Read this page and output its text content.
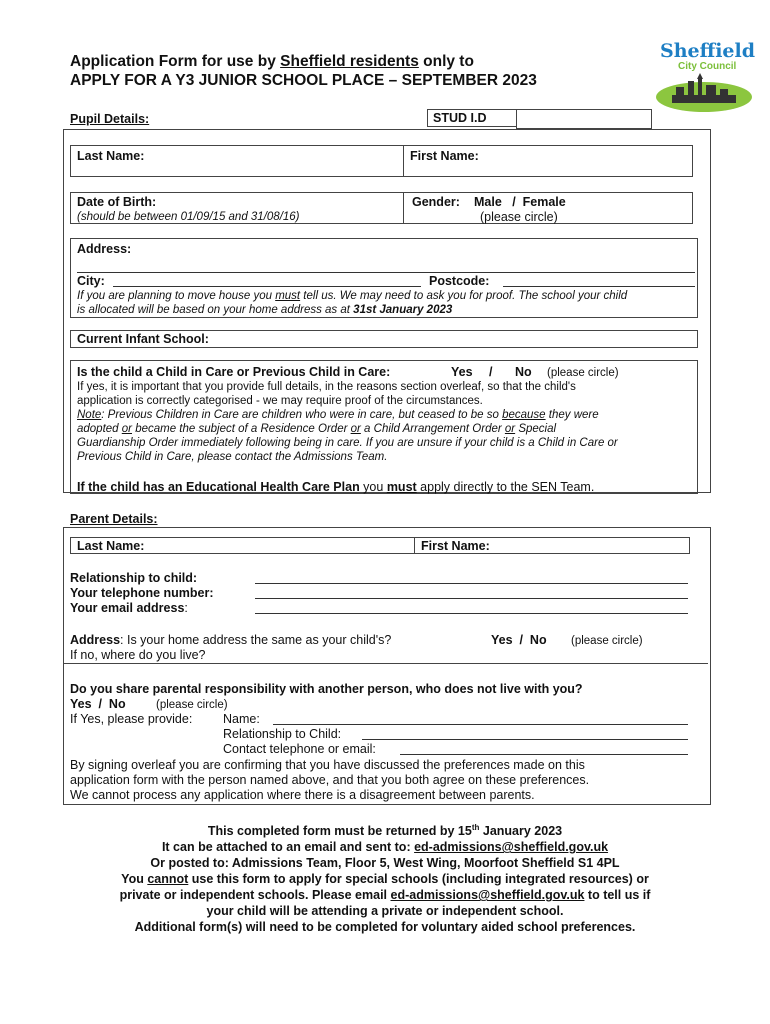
Application Form for use by Sheffield residents only to
APPLY FOR A Y3 JUNIOR SCHOOL PLACE – SEPTEMBER 2023
Sheffield
City Council
Pupil Details:	STUD I.D
Last Name:	First Name:
Date of Birth:
(should be between 01/09/15 and 31/08/16)
Gender: Male   /  Female
(please circle)
Address:
City:	Postcode:
If you are planning to move house you must tell us. We may need to ask you for proof. The school your child
is allocated will be based on your home address as at 31st January 2023
Current Infant School:
Is the child a Child in Care or Previous Child in Care:	Yes / No (please circle)
If yes, it is important that you provide full details, in the reasons section overleaf, so that the child's
application is correctly categorised - we may require proof of the circumstances.
Note: Previous Children in Care are children who were in care, but ceased to be so because they were
adopted or became the subject of a Residence Order or a Child Arrangement Order or Special
Guardianship Order immediately following being in care. If you are unsure if your child is a Child in Care or
Previous Child in Care, please contact the Admissions Team.
If the child has an Educational Health Care Plan you must apply directly to the SEN Team.
Parent Details:
Last Name:	First Name:
Relationship to child:
Your telephone number:
Your email address:
Address: Is your home address the same as your child's?	Yes  /  No (please circle)
If no, where do you live?
Do you share parental responsibility with another person, who does not live with you?
Yes  /  No	(please circle)
If Yes, please provide: Name:
Relationship to Child:
Contact telephone or email:
By signing overleaf you are confirming that you have discussed the preferences made on this
application form with the person named above, and that you both agree on these preferences.
We cannot process any application where there is a disagreement between parents.
This completed form must be returned by 15th January 2023
It can be attached to an email and sent to: ed-admissions@sheffield.gov.uk
Or posted to: Admissions Team, Floor 5, West Wing, Moorfoot Sheffield S1 4PL
You cannot use this form to apply for special schools (including integrated resources) or
private or independent schools. Please email ed-admissions@sheffield.gov.uk to tell us if
your child will be attending a private or independent school.
Additional form(s) will need to be completed for voluntary aided school preferences.
